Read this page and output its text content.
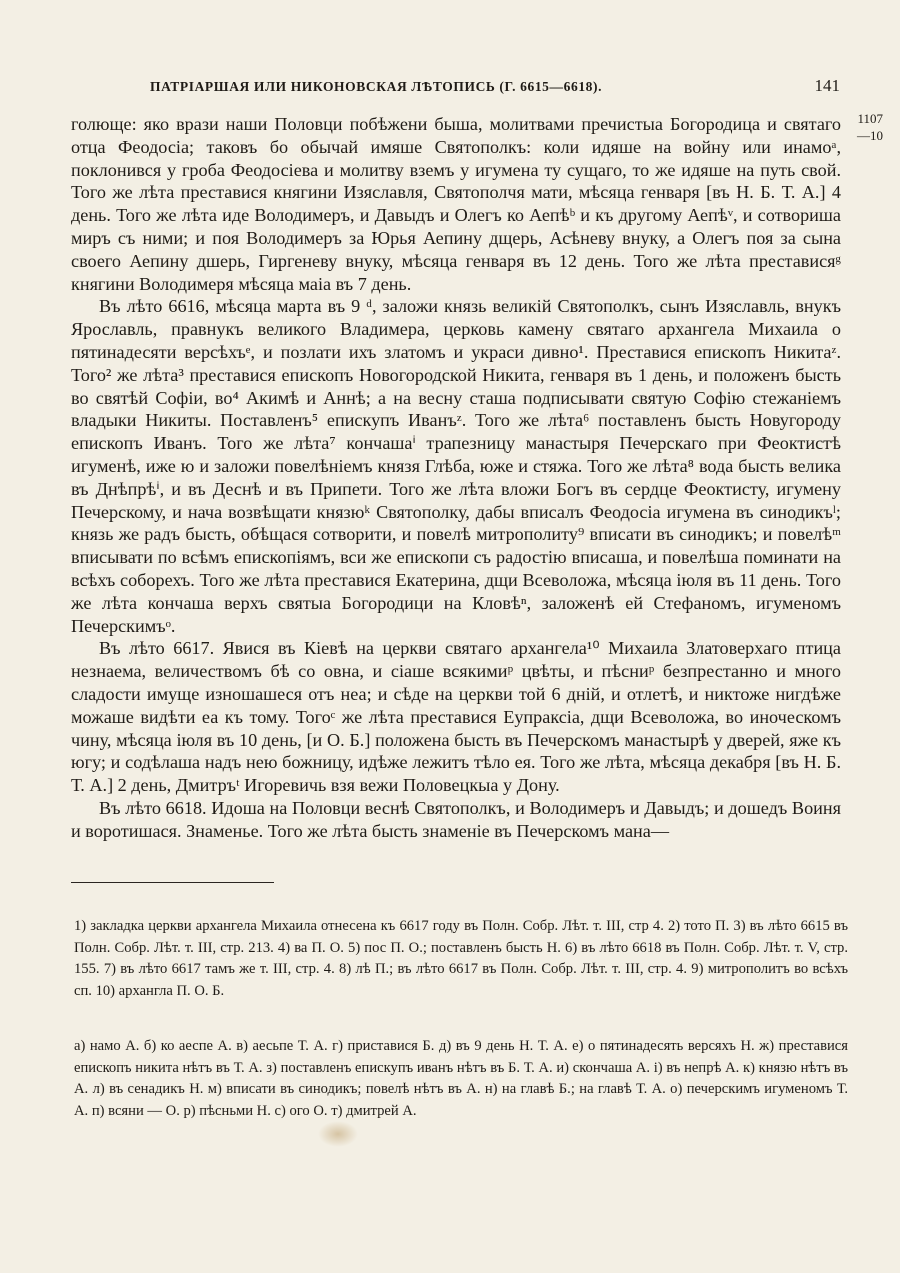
ПАТРІАРШАЯ ИЛИ НИКОНОВСКАЯ ЛѢТОПИСЬ (Г. 6615—6618).	141
1107
—10

голюще: яко врази наши Половци побѣжени быша, молитвами пречистыа Богородица и святаго отца Феодосіа; таковъ бо обычай имяше Святополкъ: коли идяше на войну или инамоᵃ, поклонився у гроба Феодосіева и молитву вземъ у игумена ту сущаго, то же идяше на путь свой. Того же лѣта преставися княгини Изяславля, Святополчя мати, мѣсяца генваря [въ Н. Б. Т. А.] 4 день. Того же лѣта иде Володимеръ, и Давыдъ и Олегъ ко Аепѣᵇ и къ другому Аепѣᵛ, и сотвориша миръ съ ними; и поя Володимеръ за Юрья Аепину дщерь, Асѣневу внуку, а Олегъ поя за сына своего Аепину дшерь, Гиргеневу внуку, мѣсяца генваря въ 12 день. Того же лѣта престависяᵍ княгини Володимеря мѣсяца маіа въ 7 день.

Въ лѣто 6616, мѣсяца марта въ 9 ᵈ, заложи князь великій Святополкъ, сынъ Изяславль, внукъ Ярославль, правнукъ великого Владимера, церковь камену святаго архангела Михаила о пятинадесяти версѣхъᵉ, и позлати ихъ златомъ и украси дивно¹. Преставися епископъ Никитаᶻ. Того² же лѣта³ преставися епископъ Новогородской Никита, генваря въ 1 день, и положенъ бысть во святѣй Софіи, во⁴ Акимѣ и Аннѣ; а на весну сташа подписывати святую Софію стежаніемъ владыки Никиты. Поставленъ⁵ епискупъ Иванъᶻ. Того же лѣта⁶ поставленъ бысть Новугороду епископъ Иванъ. Того же лѣта⁷ кончашаⁱ трапезницу манастыря Печерскаго при Феоктистѣ игуменѣ, иже ю и заложи повелѣніемъ князя Глѣба, юже и стяжа. Того же лѣта⁸ вода бысть велика въ Днѣпрѣⁱ, и въ Деснѣ и въ Припети. Того же лѣта вложи Богъ въ сердце Феоктисту, игумену Печерскому, и нача возвѣщати князюᵏ Святополку, дабы вписалъ Феодосіа игумена въ синодикъˡ; князь же радъ бысть, обѣщася сотворити, и повелѣ митрополиту⁹ вписати въ синодикъ; и повелѣᵐ вписывати по всѣмъ епископіямъ, вси же епископи съ радостію вписаша, и повелѣша поминати на всѣхъ соборехъ. Того же лѣта преставися Екатерина, дщи Всеволожа, мѣсяца іюля въ 11 день. Того же лѣта кончаша верхъ святыа Богородици на Кловѣⁿ, заложенѣ ей Стефаномъ, игуменомъ Печерскимъᵒ.

Въ лѣто 6617. Явися въ Кіевѣ на церкви святаго архангела¹⁰ Михаила Златоверхаго птица незнаема, величествомъ бѣ со овна, и сіаше всякимиᵖ цвѣты, и пѣсниᵖ безпрестанно и много сладости имуще изношашеся отъ неа; и сѣде на церкви той 6 дній, и отлетѣ, и никтоже нигдѣже можаше видѣти еа къ тому. Тогоᶜ же лѣта преставися Еупраксіа, дщи Всеволожа, во иноческомъ чину, мѣсяца іюля въ 10 день, [и О. Б.] положена бысть въ Печерскомъ манастырѣ у дверей, яже къ югу; и содѣлаша надъ нею божницу, идѣже лежитъ тѣло ея. Того же лѣта, мѣсяца декабря [въ Н. Б. Т. А.] 2 день, Дмитръᵗ Игоревичь взя вежи Половецкыа у Дону.

Въ лѣто 6618. Идоша на Половци веснѣ Святополкъ, и Володимеръ и Давыдъ; и дошедъ Воиня и воротишася. Знаменье. Того же лѣта бысть знаменіе въ Печерскомъ мана—

1) закладка церкви архангела Михаила отнесена къ 6617 году въ Полн. Собр. Лѣт. т. III, стр 4. 2) тото П. 3) въ лѣто 6615 въ Полн. Собр. Лѣт. т. III, стр. 213. 4) ва П. О. 5) пос П. О.; поставленъ бысть Н. 6) въ лѣто 6618 въ Полн. Собр. Лѣт. т. V, стр. 155. 7) въ лѣто 6617 тамъ же т. III, стр. 4. 8) лѣ П.; въ лѣто 6617 въ Полн. Собр. Лѣт. т. III, стр. 4. 9) митрополитъ во всѣхъ сп. 10) архангла П. О. Б.

а) намо А. б) ко аеспе А. в) аесьпе Т. А. г) приставися Б. д) въ 9 день Н. Т. А. е) о пятинадесять версяхъ Н. ж) преставися епископъ никита нѣтъ въ Т. А. з) поставленъ епискупъ иванъ нѣтъ въ Б. Т. А. и) скончаша А. і) въ непрѣ А. к) князю нѣтъ въ А. л) въ сенадикъ Н. м) вписати въ синодикъ; повелѣ нѣтъ въ А. н) на главѣ Б.; на главѣ Т. А. о) печерскимъ игуменомъ Т. А. п) всяни — О. р) пѣсньми Н. с) ого О. т) дмитрей А.
